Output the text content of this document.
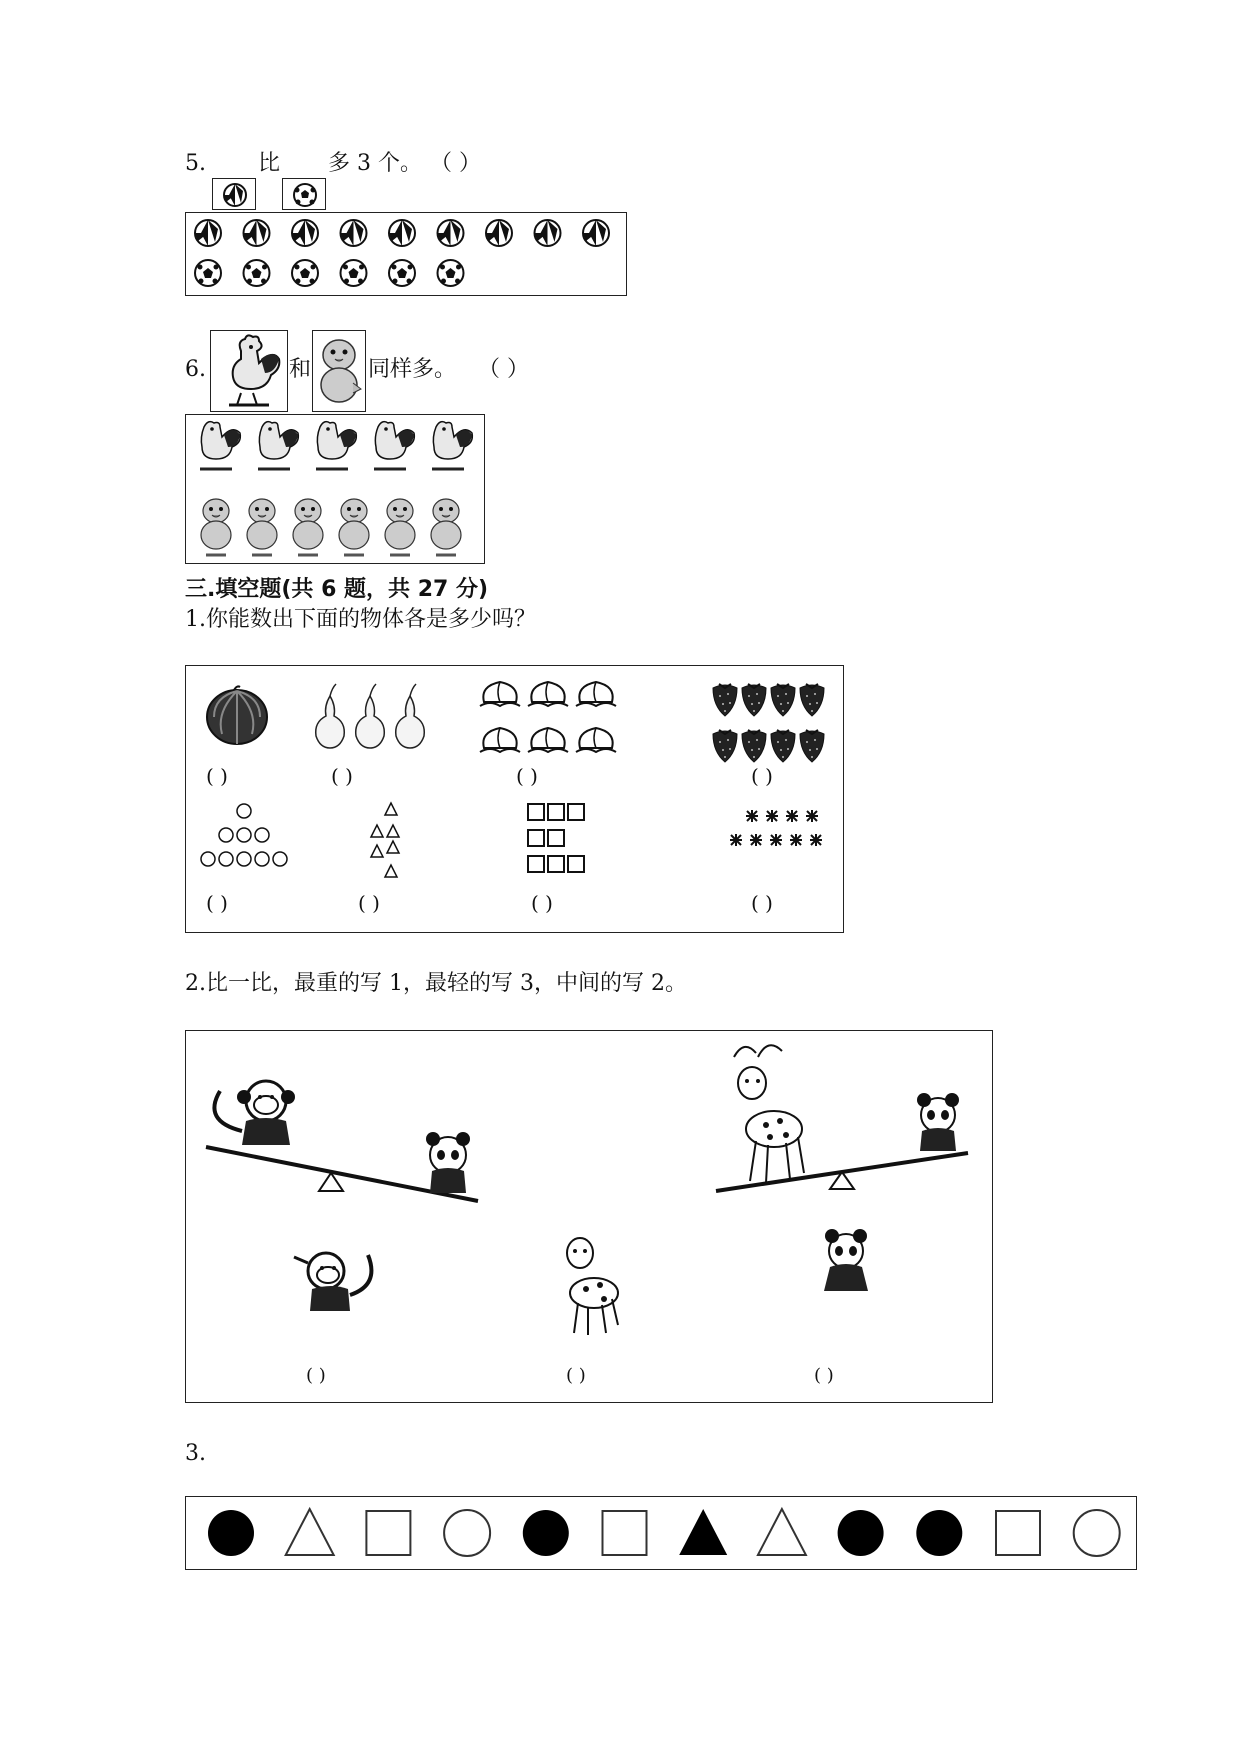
5. 比 多 3 个。 （ ）
6.	和	同样多。 （ ）
三.填空题(共 6 题，共 27 分)
1.你能数出下面的物体各是多少吗？
( )	( )	( )	( )
( )	( )	( )	( )
2.比一比，最重的写 1，最轻的写 3，中间的写 2。
( )	( )	( )
3.
